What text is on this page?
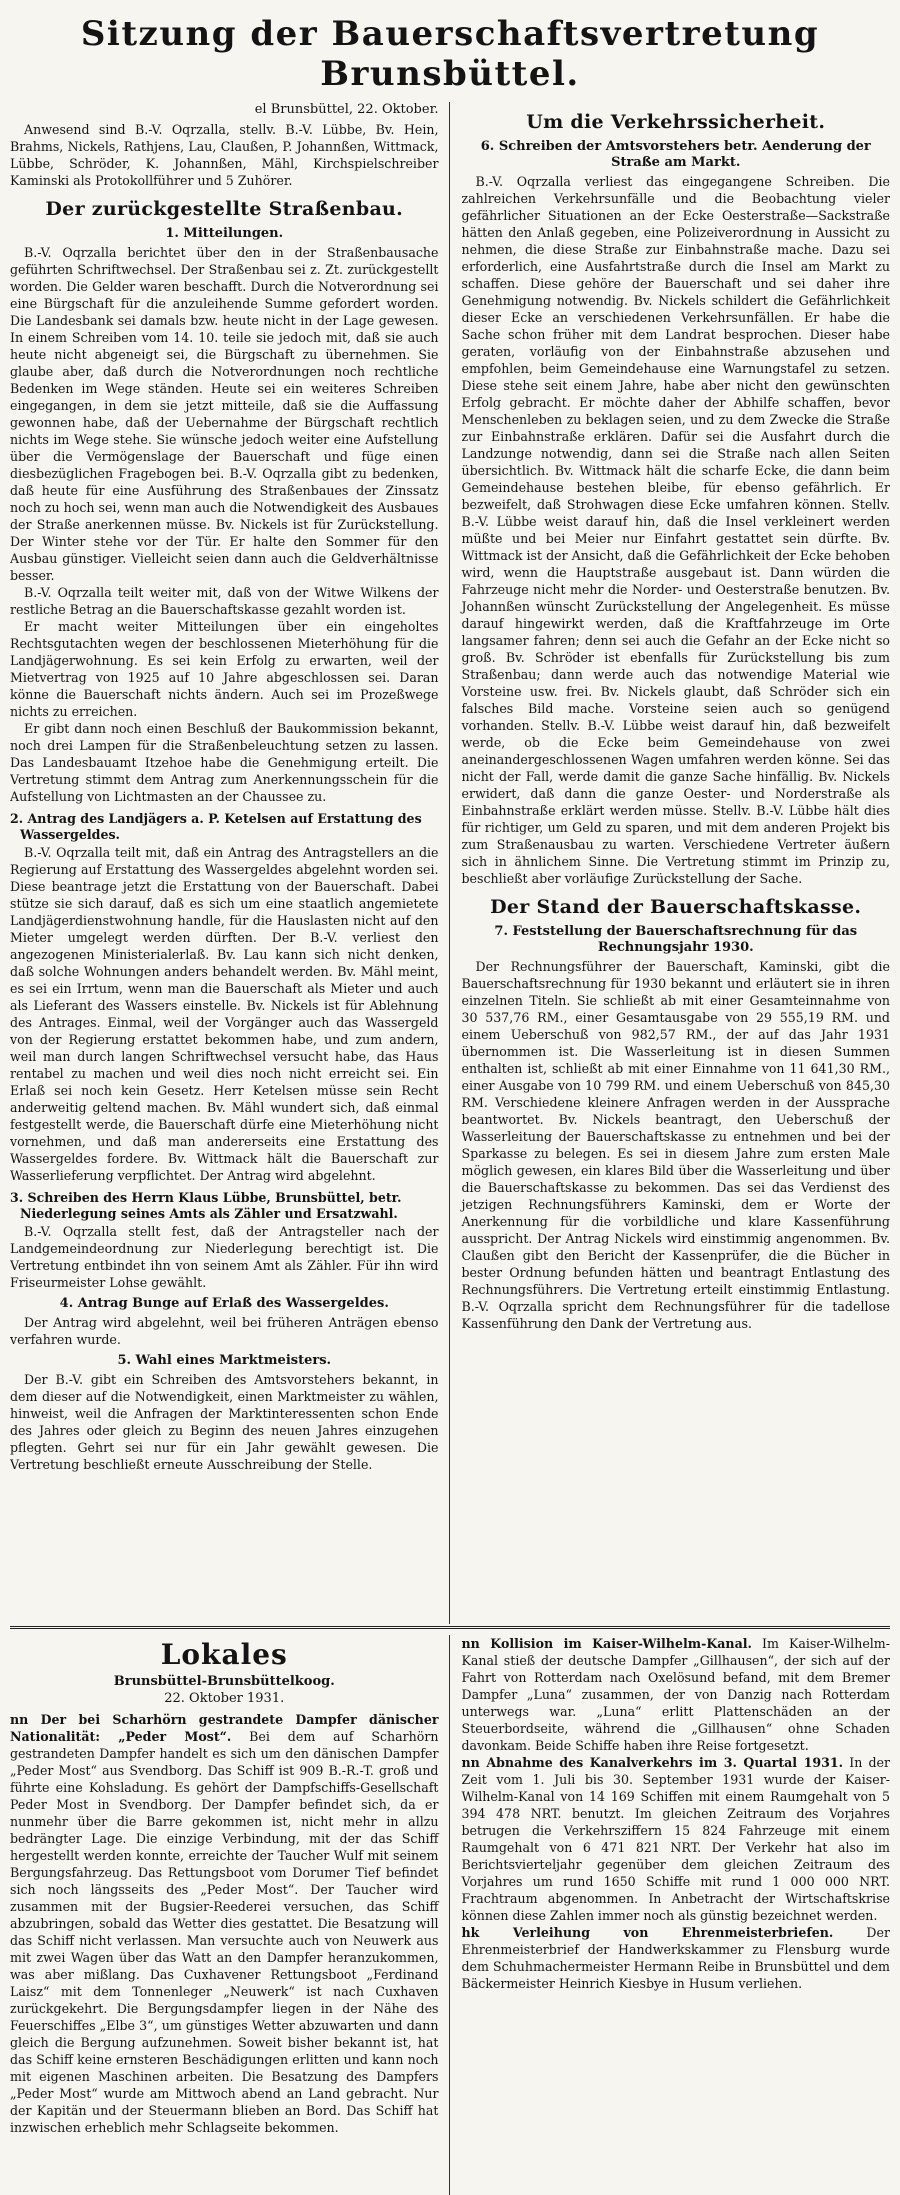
Sitzung der Bauerschaftsvertretung Brunsbüttel.
el Brunsbüttel, 22. Oktober.

Anwesend sind B.-V. Oqrzalla, stellv. B.-V. Lübbe, Bv. Hein, Brahms, Nickels, Rathjens, Lau, Claußen, P. Johannßen, Wittmack, Lübbe, Schröder, K. Johannßen, Mähl, Kirchspielschreiber Kaminski als Protokollführer und 5 Zuhörer.

Der zurückgestellte Straßenbau.
1. Mitteilungen.

B.-V. Oqrzalla berichtet über den in der Straßenbausache geführten Schriftwechsel. Der Straßenbau sei z. Zt. zurückgestellt worden. Die Gelder waren beschafft. Durch die Notverordnung sei eine Bürgschaft für die anzuleihende Summe gefordert worden. Die Landesbank sei damals bzw. heute nicht in der Lage gewesen. In einem Schreiben vom 14. 10. teile sie jedoch mit, daß sie auch heute nicht abgeneigt sei, die Bürgschaft zu übernehmen. Sie glaube aber, daß durch die Notverordnungen noch rechtliche Bedenken im Wege ständen. Heute sei ein weiteres Schreiben eingegangen, in dem sie jetzt mitteile, daß sie die Auffassung gewonnen habe, daß der Uebernahme der Bürgschaft rechtlich nichts im Wege stehe. Sie wünsche jedoch weiter eine Aufstellung über die Vermögenslage der Bauerschaft und füge einen diesbezüglichen Fragebogen bei. B.-V. Oqrzalla gibt zu bedenken, daß heute für eine Ausführung des Straßenbaues der Zinssatz noch zu hoch sei, wenn man auch die Notwendigkeit des Ausbaues der Straße anerkennen müsse. Bv. Nickels ist für Zurückstellung. Der Winter stehe vor der Tür. Er halte den Sommer für den Ausbau günstiger. Vielleicht seien dann auch die Geldverhältnisse besser.

B.-V. Oqrzalla teilt weiter mit, daß von der Witwe Wilkens der restliche Betrag an die Bauerschaftskasse gezahlt worden ist.

Er macht weiter Mitteilungen über ein eingeholtes Rechtsgutachten wegen der beschlossenen Mieterhöhung für die Landjägerwohnung. Es sei kein Erfolg zu erwarten, weil der Mietvertrag von 1925 auf 10 Jahre abgeschlossen sei. Daran könne die Bauerschaft nichts ändern. Auch sei im Prozeßwege nichts zu erreichen.

Er gibt dann noch einen Beschluß der Baukommission bekannt, noch drei Lampen für die Straßenbeleuchtung setzen zu lassen. Das Landesbauamt Itzehoe habe die Genehmigung erteilt. Die Vertretung stimmt dem Antrag zum Anerkennungsschein für die Aufstellung von Lichtmasten an der Chaussee zu.

2. Antrag des Landjägers a. P. Ketelsen auf Erstattung des Wassergeldes.

B.-V. Oqrzalla teilt mit, daß ein Antrag des Antragstellers an die Regierung auf Erstattung des Wassergeldes abgelehnt worden sei. Diese beantrage jetzt die Erstattung von der Bauerschaft. Dabei stütze sie sich darauf, daß es sich um eine staatlich angemietete Landjägerdienstwohnung handle, für die Hauslasten nicht auf den Mieter umgelegt werden dürften. Der B.-V. verliest den angezogenen Ministerialerlaß. Bv. Lau kann sich nicht denken, daß solche Wohnungen anders behandelt werden. Bv. Mähl meint, es sei ein Irrtum, wenn man die Bauerschaft als Mieter und auch als Lieferant des Wassers einstelle. Bv. Nickels ist für Ablehnung des Antrages. Einmal, weil der Vorgänger auch das Wassergeld von der Regierung erstattet bekommen habe, und zum andern, weil man durch langen Schriftwechsel versucht habe, das Haus rentabel zu machen und weil dies noch nicht erreicht sei. Ein Erlaß sei noch kein Gesetz. Herr Ketelsen müsse sein Recht anderweitig geltend machen. Bv. Mähl wundert sich, daß einmal festgestellt werde, die Bauerschaft dürfe eine Mieterhöhung nicht vornehmen, und daß man andererseits eine Erstattung des Wassergeldes fordere. Bv. Wittmack hält die Bauerschaft zur Wasserlieferung verpflichtet. Der Antrag wird abgelehnt.

3. Schreiben des Herrn Klaus Lübbe, Brunsbüttel, betr. Niederlegung seines Amts als Zähler und Ersatzwahl.

B.-V. Oqrzalla stellt fest, daß der Antragsteller nach der Landgemeindeordnung zur Niederlegung berechtigt ist. Die Vertretung entbindet ihn von seinem Amt als Zähler. Für ihn wird Friseurmeister Lohse gewählt.

4. Antrag Bunge auf Erlaß des Wassergeldes.

Der Antrag wird abgelehnt, weil bei früheren Anträgen ebenso verfahren wurde.

5. Wahl eines Marktmeisters.

Der B.-V. gibt ein Schreiben des Amtsvorstehers bekannt, in dem dieser auf die Notwendigkeit, einen Marktmeister zu wählen, hinweist, weil die Anfragen der Marktinteressenten schon Ende des Jahres oder gleich zu Beginn des neuen Jahres einzugehen pflegten. Gehrt sei nur für ein Jahr gewählt gewesen. Die Vertretung beschließt erneute Ausschreibung der Stelle.

Um die Verkehrssicherheit.
6. Schreiben der Amtsvorstehers betr. Aenderung der Straße am Markt.

B.-V. Oqrzalla verliest das eingegangene Schreiben. Die zahlreichen Verkehrsunfälle und die Beobachtung vieler gefährlicher Situationen an der Ecke Oesterstraße—Sackstraße hätten den Anlaß gegeben, eine Polizeiverordnung in Aussicht zu nehmen, die diese Straße zur Einbahnstraße mache. Dazu sei erforderlich, eine Ausfahrtstraße durch die Insel am Markt zu schaffen. Diese gehöre der Bauerschaft und sei daher ihre Genehmigung notwendig. Bv. Nickels schildert die Gefährlichkeit dieser Ecke an verschiedenen Verkehrsunfällen. Er habe die Sache schon früher mit dem Landrat besprochen. Dieser habe geraten, vorläufig von der Einbahnstraße abzusehen und empfohlen, beim Gemeindehause eine Warnungstafel zu setzen. Diese stehe seit einem Jahre, habe aber nicht den gewünschten Erfolg gebracht. Er möchte daher der Abhilfe schaffen, bevor Menschenleben zu beklagen seien, und zu dem Zwecke die Straße zur Einbahnstraße erklären. Dafür sei die Ausfahrt durch die Landzunge notwendig, dann sei die Straße nach allen Seiten übersichtlich. Bv. Wittmack hält die scharfe Ecke, die dann beim Gemeindehause bestehen bleibe, für ebenso gefährlich. Er bezweifelt, daß Strohwagen diese Ecke umfahren können. Stellv. B.-V. Lübbe weist darauf hin, daß die Insel verkleinert werden müßte und bei Meier nur Einfahrt gestattet sein dürfte. Bv. Wittmack ist der Ansicht, daß die Gefährlichkeit der Ecke behoben wird, wenn die Hauptstraße ausgebaut ist. Dann würden die Fahrzeuge nicht mehr die Norder- und Oesterstraße benutzen. Bv. Johannßen wünscht Zurückstellung der Angelegenheit. Es müsse darauf hingewirkt werden, daß die Kraftfahrzeuge im Orte langsamer fahren; denn sei auch die Gefahr an der Ecke nicht so groß. Bv. Schröder ist ebenfalls für Zurückstellung bis zum Straßenbau; dann werde auch das notwendige Material wie Vorsteine usw. frei. Bv. Nickels glaubt, daß Schröder sich ein falsches Bild mache. Vorsteine seien auch so genügend vorhanden. Stellv. B.-V. Lübbe weist darauf hin, daß bezweifelt werde, ob die Ecke beim Gemeindehause von zwei aneinandergeschlossenen Wagen umfahren werden könne. Sei das nicht der Fall, werde damit die ganze Sache hinfällig. Bv. Nickels erwidert, daß dann die ganze Oester- und Norderstraße als Einbahnstraße erklärt werden müsse. Stellv. B.-V. Lübbe hält dies für richtiger, um Geld zu sparen, und mit dem anderen Projekt bis zum Straßenausbau zu warten. Verschiedene Vertreter äußern sich in ähnlichem Sinne. Die Vertretung stimmt im Prinzip zu, beschließt aber vorläufige Zurückstellung der Sache.

Der Stand der Bauerschaftskasse.
7. Feststellung der Bauerschaftsrechnung für das Rechnungsjahr 1930.

Der Rechnungsführer der Bauerschaft, Kaminski, gibt die Bauerschaftsrechnung für 1930 bekannt und erläutert sie in ihren einzelnen Titeln. Sie schließt ab mit einer Gesamteinnahme von 30 537,76 RM., einer Gesamtausgabe von 29 555,19 RM. und einem Ueberschuß von 982,57 RM., der auf das Jahr 1931 übernommen ist. Die Wasserleitung ist in diesen Summen enthalten ist, schließt ab mit einer Einnahme von 11 641,30 RM., einer Ausgabe von 10 799 RM. und einem Ueberschuß von 845,30 RM. Verschiedene kleinere Anfragen werden in der Aussprache beantwortet. Bv. Nickels beantragt, den Ueberschuß der Wasserleitung der Bauerschaftskasse zu entnehmen und bei der Sparkasse zu belegen. Es sei in diesem Jahre zum ersten Male möglich gewesen, ein klares Bild über die Wasserleitung und über die Bauerschaftskasse zu bekommen. Das sei das Verdienst des jetzigen Rechnungsführers Kaminski, dem er Worte der Anerkennung für die vorbildliche und klare Kassenführung ausspricht. Der Antrag Nickels wird einstimmig angenommen. Bv. Claußen gibt den Bericht der Kassenprüfer, die die Bücher in bester Ordnung befunden hätten und beantragt Entlastung des Rechnungsführers. Die Vertretung erteilt einstimmig Entlastung. B.-V. Oqrzalla spricht dem Rechnungsführer für die tadellose Kassenführung den Dank der Vertretung aus.

Lokales
Brunsbüttel-Brunsbüttelkoog.
22. Oktober 1931.

nn Der bei Scharhörn gestrandete Dampfer dänischer Nationalität: „Peder Most“. Bei dem auf Scharhörn gestrandeten Dampfer handelt es sich um den dänischen Dampfer „Peder Most“ aus Svendborg. Das Schiff ist 909 B.-R.-T. groß und führte eine Kohsladung. Es gehört der Dampfschiffs-Gesellschaft Peder Most in Svendborg. Der Dampfer befindet sich, da er nunmehr über die Barre gekommen ist, nicht mehr in allzu bedrängter Lage. Die einzige Verbindung, mit der das Schiff hergestellt werden konnte, erreichte der Taucher Wulf mit seinem Bergungsfahrzeug. Das Rettungsboot vom Dorumer Tief befindet sich noch längsseits des „Peder Most“. Der Taucher wird zusammen mit der Bugsier-Reederei versuchen, das Schiff abzubringen, sobald das Wetter dies gestattet. Die Besatzung will das Schiff nicht verlassen. Man versuchte auch von Neuwerk aus mit zwei Wagen über das Watt an den Dampfer heranzukommen, was aber mißlang. Das Cuxhavener Rettungsboot „Ferdinand Laisz“ mit dem Tonnenleger „Neuwerk“ ist nach Cuxhaven zurückgekehrt. Die Bergungsdampfer liegen in der Nähe des Feuerschiffes „Elbe 3“, um günstiges Wetter abzuwarten und dann gleich die Bergung aufzunehmen. Soweit bisher bekannt ist, hat das Schiff keine ernsteren Beschädigungen erlitten und kann noch mit eigenen Maschinen arbeiten. Die Besatzung des Dampfers „Peder Most“ wurde am Mittwoch abend an Land gebracht. Nur der Kapitän und der Steuermann blieben an Bord. Das Schiff hat inzwischen erheblich mehr Schlagseite bekommen.

nn Kollision im Kaiser-Wilhelm-Kanal. Im Kaiser-Wilhelm-Kanal stieß der deutsche Dampfer „Gillhausen“, der sich auf der Fahrt von Rotterdam nach Oxelösund befand, mit dem Bremer Dampfer „Luna“ zusammen, der von Danzig nach Rotterdam unterwegs war. „Luna“ erlitt Plattenschäden an der Steuerbordseite, während die „Gillhausen“ ohne Schaden davonkam. Beide Schiffe haben ihre Reise fortgesetzt.

nn Abnahme des Kanalverkehrs im 3. Quartal 1931. In der Zeit vom 1. Juli bis 30. September 1931 wurde der Kaiser-Wilhelm-Kanal von 14 169 Schiffen mit einem Raumgehalt von 5 394 478 NRT. benutzt. Im gleichen Zeitraum des Vorjahres betrugen die Verkehrsziffern 15 824 Fahrzeuge mit einem Raumgehalt von 6 471 821 NRT. Der Verkehr hat also im Berichtsvierteljahr gegenüber dem gleichen Zeitraum des Vorjahres um rund 1650 Schiffe mit rund 1 000 000 NRT. Frachtraum abgenommen. In Anbetracht der Wirtschaftskrise können diese Zahlen immer noch als günstig bezeichnet werden.

hk Verleihung von Ehrenmeisterbriefen. Der Ehrenmeisterbrief der Handwerkskammer zu Flensburg wurde dem Schuhmachermeister Hermann Reibe in Brunsbüttel und dem Bäckermeister Heinrich Kiesbye in Husum verliehen.
